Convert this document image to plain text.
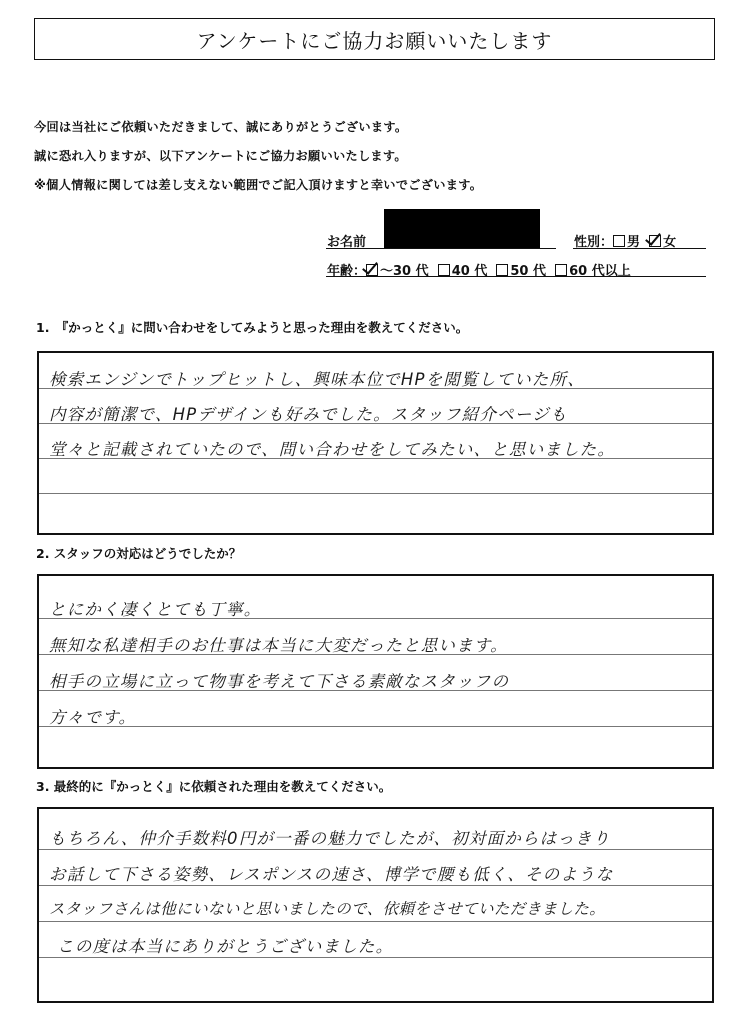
アンケートにご協力お願いいたします
今回は当社にご依頼いただきまして、誠にありがとうございます。
誠に恐れ入りますが、以下アンケートにご協力お願いいたします。
※個人情報に関しては差し支えない範囲でご記入頂けますと幸いでございます。
お名前	性別： 男 女
年齢： 〜30 代 40 代 50 代 60 代以上
1.　『かっとく』に問い合わせをしてみようと思った理由を教えてください。
検索エンジンでトップヒットし、興味本位でHPを閲覧していた所、
内容が簡潔で、HPデザインも好みでした。スタッフ紹介ページも
堂々と記載されていたので、問い合わせをしてみたい、と思いました。
2. スタッフの対応はどうでしたか？
とにかく凄くとても丁寧。
無知な私達相手のお仕事は本当に大変だったと思います。
相手の立場に立って物事を考えて下さる素敵なスタッフの
方々です。
3. 最終的に『かっとく』に依頼された理由を教えてください。
もちろん、仲介手数料0円が一番の魅力でしたが、初対面からはっきり
お話して下さる姿勢、レスポンスの速さ、博学で腰も低く、そのような
スタッフさんは他にいないと思いましたので、依頼をさせていただきました。
この度は本当にありがとうございました。
